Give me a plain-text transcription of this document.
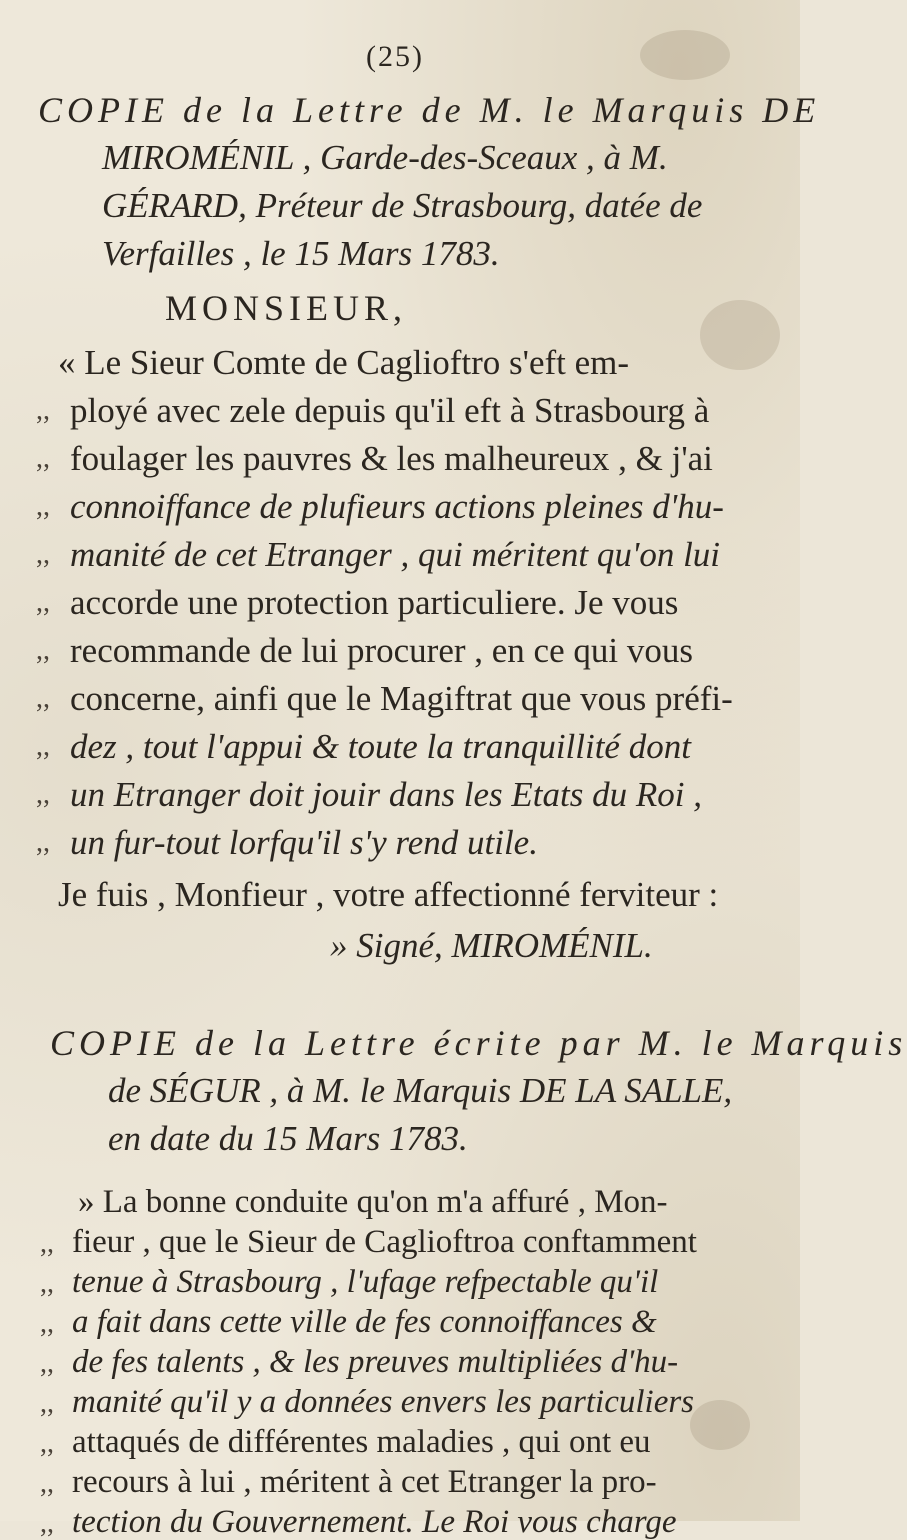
(25)
COPIE de la Lettre de M. le Marquis DE
MIROMÉNIL , Garde-des-Sceaux , à M.
GÉRARD, Préteur de Strasbourg, datée de
Verfailles , le 15 Mars 1783.
MONSIEUR,
« Le Sieur Comte de Caglioftro s'eft em-
,, ployé avec zele depuis qu'il eft à Strasbourg à
,, foulager les pauvres & les malheureux , & j'ai
,, connoiffance de plufieurs actions pleines d'hu-
,, manité de cet Etranger , qui méritent qu'on lui
,, accorde une protection particuliere. Je vous
,, recommande de lui procurer , en ce qui vous
,, concerne, ainfi que le Magiftrat que vous préfi-
,, dez , tout l'appui & toute la tranquillité dont
,, un Etranger doit jouir dans les Etats du Roi ,
,, un fur-tout lorfqu'il s'y rend utile.
Je fuis , Monfieur , votre affectionné ferviteur :
» Signé, MIROMÉNIL.
COPIE de la Lettre écrite par M. le Marquis
de SÉGUR , à M. le Marquis DE LA SALLE,
en date du 15 Mars 1783.
» La bonne conduite qu'on m'a affuré , Mon-
,, fieur , que le Sieur de Caglioftroa conftamment
,, tenue à Strasbourg , l'ufage refpectable qu'il
,, a fait dans cette ville de fes connoiffances &
,, de fes talents , & les preuves multipliées d'hu-
,, manité qu'il y a données envers les particuliers
,, attaqués de différentes maladies , qui ont eu
,, recours à lui , méritent à cet Etranger la pro-
,, tection du Gouvernement. Le Roi vous charge
